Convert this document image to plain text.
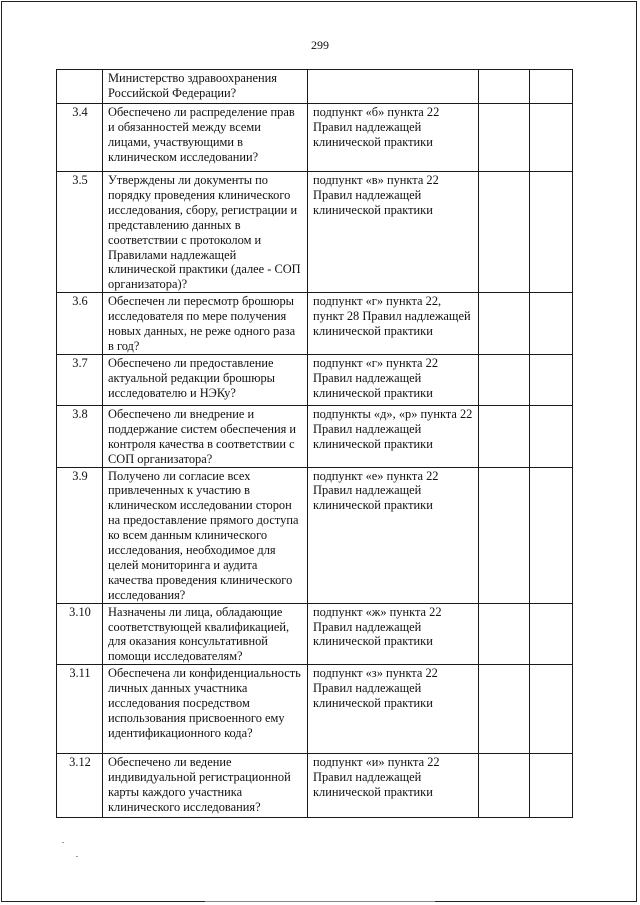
299
	Министерство здравоохранения Российской Федерации?			
3.4	Обеспечено ли распределение прав и обязанностей между всеми лицами, участвующими в клиническом исследовании?	подпункт «б» пункта 22 Правил надлежащей клинической практики		
3.5	Утверждены ли документы по порядку проведения клинического исследования, сбору, регистрации и представлению данных в соответствии с протоколом и Правилами надлежащей клинической практики (далее - СОП организатора)?	подпункт «в» пункта 22 Правил надлежащей клинической практики		
3.6	Обеспечен ли пересмотр брошюры исследователя по мере получения новых данных, не реже одного раза в год?	подпункт «г» пункта 22, пункт 28 Правил надлежащей клинической практики		
3.7	Обеспечено ли предоставление актуальной редакции брошюры исследователю и НЭКу?	подпункт «г» пункта 22 Правил надлежащей клинической практики		
3.8	Обеспечено ли внедрение и поддержание систем обеспечения и контроля качества в соответствии с СОП организатора?	подпункты «д», «р» пункта 22 Правил надлежащей клинической практики		
3.9	Получено ли согласие всех привлеченных к участию в клиническом исследовании сторон на предоставление прямого доступа ко всем данным клинического исследования, необходимое для целей мониторинга и аудита качества проведения клинического исследования?	подпункт «е» пункта 22 Правил надлежащей клинической практики		
3.10	Назначены ли лица, обладающие соответствующей квалификацией, для оказания консультативной помощи исследователям?	подпункт «ж» пункта 22 Правил надлежащей клинической практики		
3.11	Обеспечена ли конфиденциальность личных данных участника исследования посредством использования присвоенного ему идентификационного кода?	подпункт «з» пункта 22 Правил надлежащей клинической практики		
3.12	Обеспечено ли ведение индивидуальной регистрационной карты каждого участника клинического исследования?	подпункт «и» пункта 22 Правил надлежащей клинической практики		
